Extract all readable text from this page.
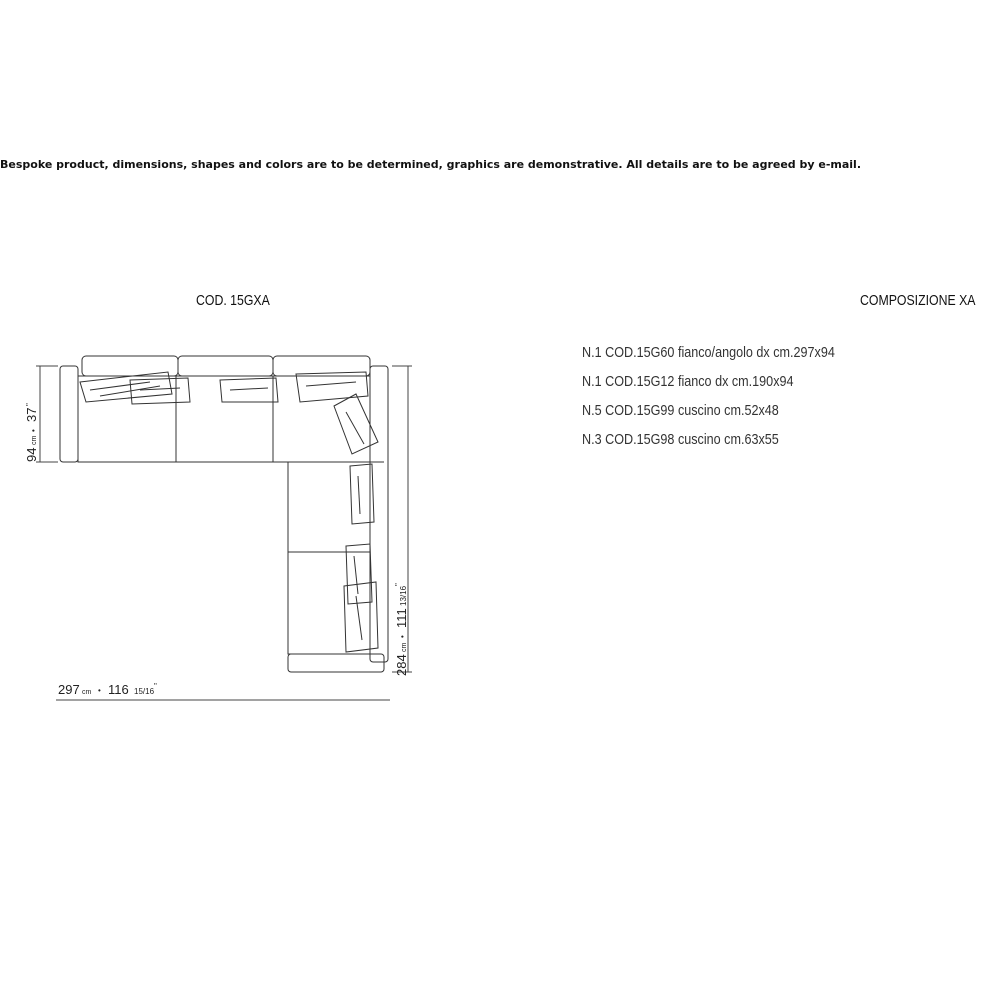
Bespoke product, dimensions, shapes and colors are to be determined, graphics are demonstrative. All details are to be agreed by e-mail.
COD. 15GXA	COMPOSIZIONE XA
N.1 COD.15G60 fianco/angolo dx cm.297x94
N.1 COD.15G12 fianco dx cm.190x94
N.5 COD.15G99 cuscino cm.52x48
N.3 COD.15G98 cuscino cm.63x55
94
cm
•
37
"
297 cm • 116 15/16
"
284
cm
•
111
13/16
"
